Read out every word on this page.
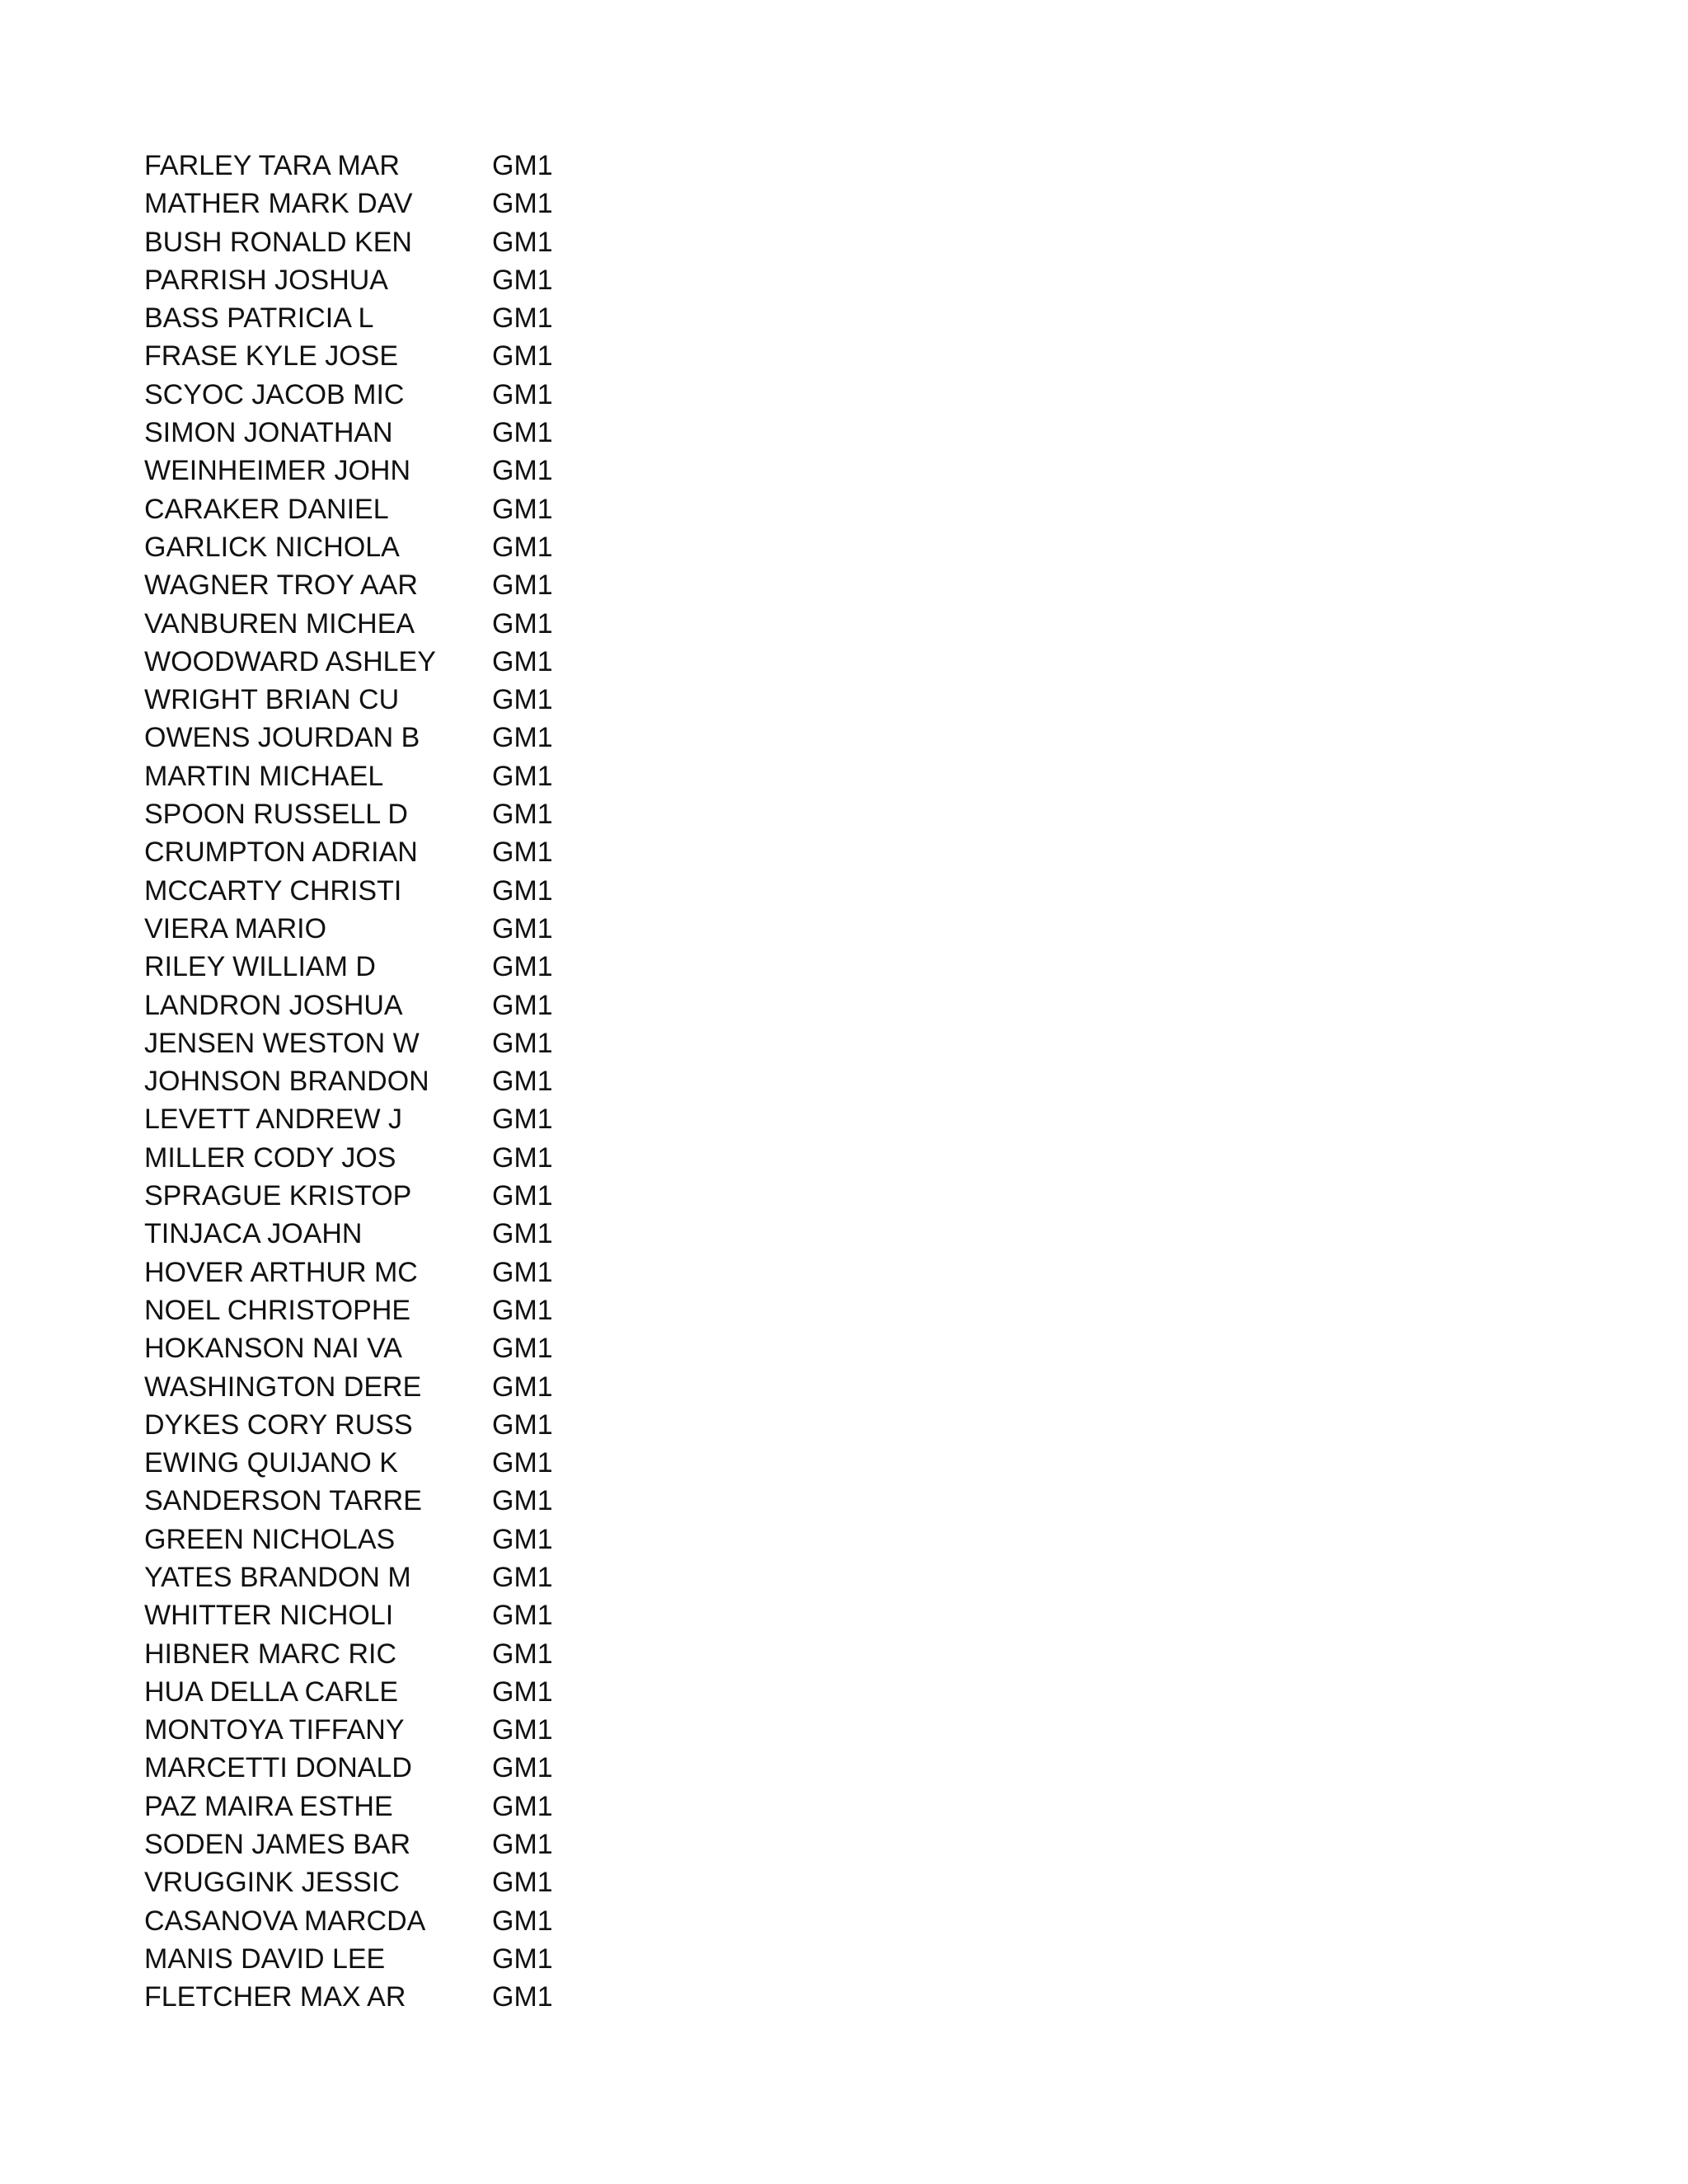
FARLEY TARA MAR	GM1
MATHER MARK DAV	GM1
BUSH RONALD KEN	GM1
PARRISH JOSHUA	GM1
BASS PATRICIA L	GM1
FRASE KYLE JOSE	GM1
SCYOC JACOB MIC	GM1
SIMON JONATHAN	GM1
WEINHEIMER JOHN	GM1
CARAKER DANIEL	GM1
GARLICK NICHOLA	GM1
WAGNER TROY AAR	GM1
VANBUREN MICHEA	GM1
WOODWARD ASHLEY GM1
WRIGHT BRIAN CU	GM1
OWENS JOURDAN B	GM1
MARTIN MICHAEL	GM1
SPOON RUSSELL D	GM1
CRUMPTON ADRIAN	GM1
MCCARTY CHRISTI	GM1
VIERA MARIO	GM1
RILEY WILLIAM D	GM1
LANDRON JOSHUA	GM1
JENSEN WESTON W	GM1
JOHNSON BRANDON GM1
LEVETT ANDREW J	GM1
MILLER CODY JOS	GM1
SPRAGUE KRISTOP	GM1
TINJACA JOAHN	GM1
HOVER ARTHUR MC	GM1
NOEL CHRISTOPHE	GM1
HOKANSON NAI VA	GM1
WASHINGTON DERE	GM1
DYKES CORY RUSS	GM1
EWING QUIJANO K	GM1
SANDERSON TARRE	GM1
GREEN NICHOLAS	GM1
YATES BRANDON M	GM1
WHITTER NICHOLI	GM1
HIBNER MARC RIC	GM1
HUA DELLA CARLE	GM1
MONTOYA TIFFANY	GM1
MARCETTI DONALD	GM1
PAZ MAIRA ESTHE	GM1
SODEN JAMES BAR	GM1
VRUGGINK JESSIC	GM1
CASANOVA MARCDA GM1
MANIS DAVID LEE	GM1
FLETCHER MAX AR	GM1
